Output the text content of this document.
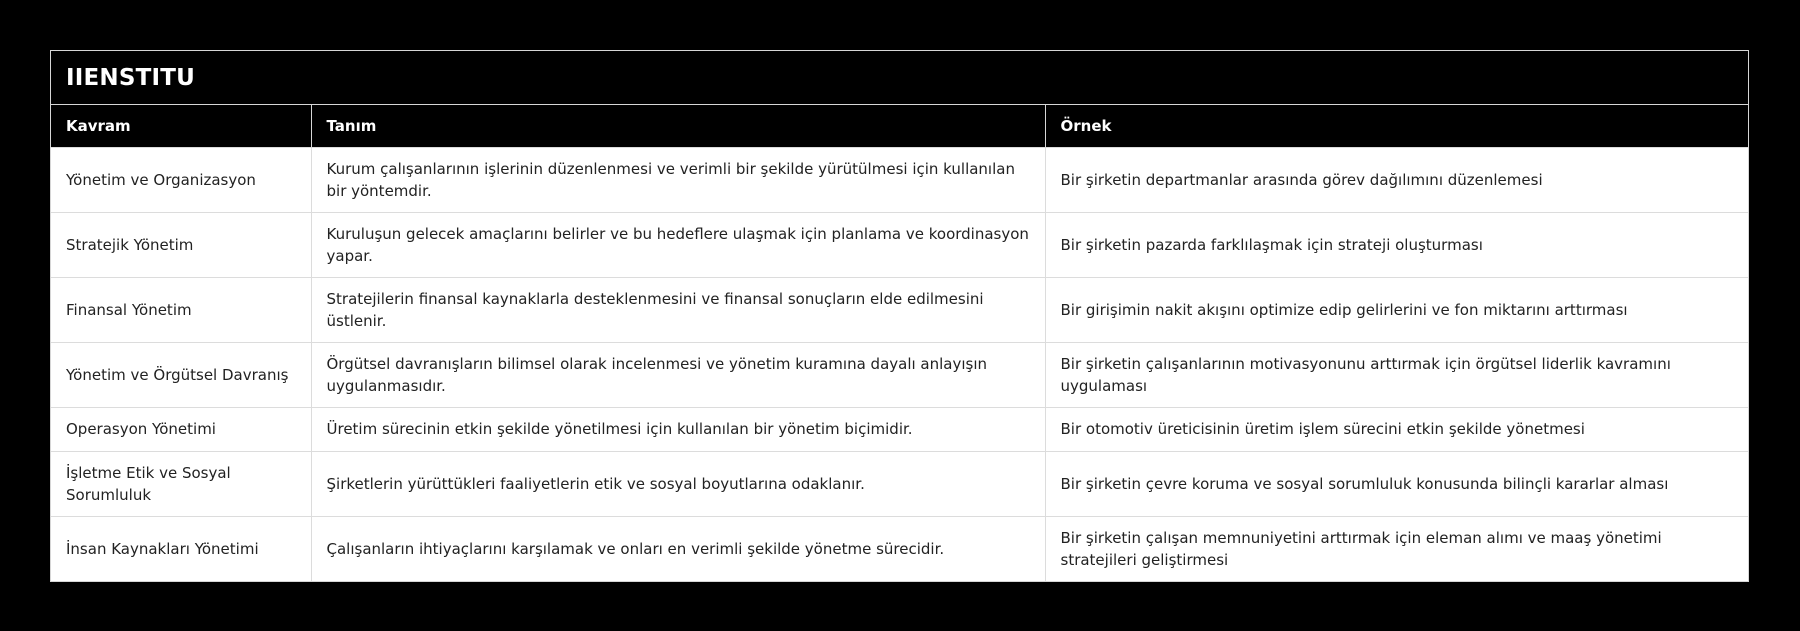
IIENSTITU
Kavram	Tanım	Örnek
Yönetim ve Organizasyon	Kurum çalışanlarının işlerinin düzenlenmesi ve verimli bir şekilde yürütülmesi için kullanılan bir yöntemdir.	Bir şirketin departmanlar arasında görev dağılımını düzenlemesi
Stratejik Yönetim	Kuruluşun gelecek amaçlarını belirler ve bu hedeflere ulaşmak için planlama ve koordinasyon yapar.	Bir şirketin pazarda farklılaşmak için strateji oluşturması
Finansal Yönetim	Stratejilerin finansal kaynaklarla desteklenmesini ve finansal sonuçların elde edilmesini üstlenir.	Bir girişimin nakit akışını optimize edip gelirlerini ve fon miktarını arttırması
Yönetim ve Örgütsel Davranış	Örgütsel davranışların bilimsel olarak incelenmesi ve yönetim kuramına dayalı anlayışın uygulanmasıdır.	Bir şirketin çalışanlarının motivasyonunu arttırmak için örgütsel liderlik kavramını uygulaması
Operasyon Yönetimi	Üretim sürecinin etkin şekilde yönetilmesi için kullanılan bir yönetim biçimidir.	Bir otomotiv üreticisinin üretim işlem sürecini etkin şekilde yönetmesi
İşletme Etik ve Sosyal Sorumluluk	Şirketlerin yürüttükleri faaliyetlerin etik ve sosyal boyutlarına odaklanır.	Bir şirketin çevre koruma ve sosyal sorumluluk konusunda bilinçli kararlar alması
İnsan Kaynakları Yönetimi	Çalışanların ihtiyaçlarını karşılamak ve onları en verimli şekilde yönetme sürecidir.	Bir şirketin çalışan memnuniyetini arttırmak için eleman alımı ve maaş yönetimi stratejileri geliştirmesi
